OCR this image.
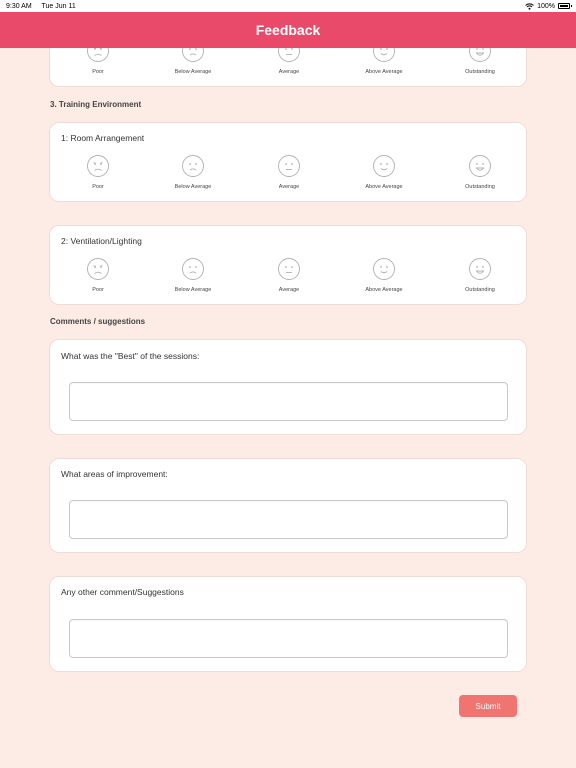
9:30 AM Tue Jun 11	100%
Feedback
Poor	Below Average	Average	Above Average	Outstanding
3. Training Environment
1: Room Arrangement
Poor	Below Average	Average	Above Average	Outstanding
2: Ventilation/Lighting
Poor	Below Average	Average	Above Average	Outstanding
Comments / suggestions
What was the "Best" of the sessions:
What areas of improvement:
Any other comment/Suggestions
Submit
